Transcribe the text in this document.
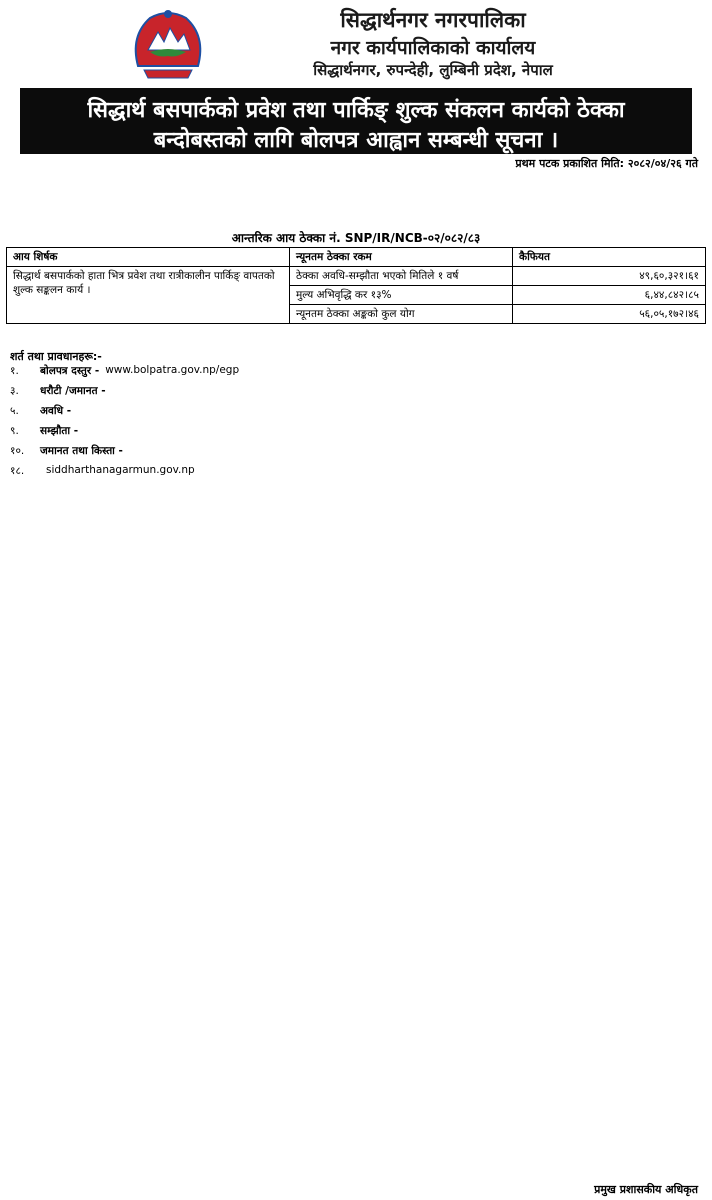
सिद्धार्थनगर नगरपालिका
नगर कार्यपालिकाको कार्यालय
सिद्धार्थनगर, रुपन्देही, लुम्बिनी प्रदेश, नेपाल
सिद्धार्थ बसपार्कको प्रवेश तथा पार्किङ् शुल्क संकलन कार्यको ठेक्का
बन्दोबस्तको लागि बोलपत्र आह्वान सम्बन्धी सूचना ।
प्रथम पटक प्रकाशित मिति: २०८२/०४/२६ गते
आन्तरिक आय ठेक्का नं. SNP/IR/NCB-०२/०८२/८३
आय शिर्षक	न्यूनतम ठेक्का रकम	कैफियत
सिद्धार्थ बसपार्कको हाता भित्र प्रवेश तथा रात्रीकालीन पार्किङ् वापतको शुल्क सङ्कलन कार्य ।	ठेक्का अवधि-सम्झौता भएको मितिले १ वर्ष	४९,६०,३२१।६१
	मुल्य अभिवृद्धि कर १३%	६,४४,८४२।८५
	न्यूनतम ठेक्का अङ्कको कुल योग	५६,०५,१७२।४६
शर्त तथा प्रावधानहरू:-
१.	बोलपत्र दस्तुर - www.bolpatra.gov.np/egp
३.	धरौटी /जमानत -
५.	अवधि -
९.	सम्झौता -
१०.	जमानत तथा किस्ता -
१८.	siddharthanagarmun.gov.np
प्रमुख प्रशासकीय अधिकृत
